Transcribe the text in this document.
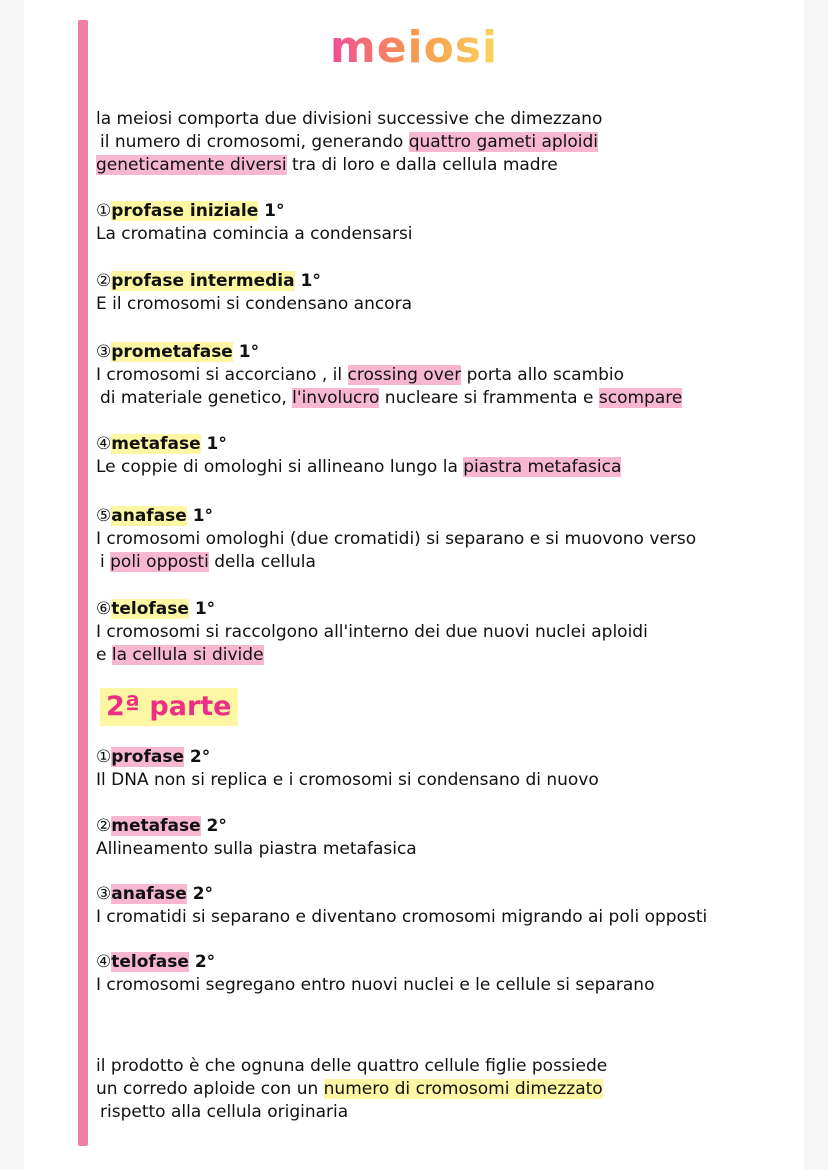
meiosi
la meiosi comporta due divisioni successive che dimezzano
il numero di cromosomi, generando quattro gameti aploidi
geneticamente diversi tra di loro e dalla cellula madre
①profase iniziale 1°
La cromatina comincia a condensarsi
②profase intermedia 1°
E il cromosomi si condensano ancora
③prometafase 1°
I cromosomi si accorciano , il crossing over porta allo scambio
di materiale genetico, l'involucro nucleare si frammenta e scompare
④metafase 1°
Le coppie di omologhi si allineano lungo la piastra metafasica
⑤anafase 1°
I cromosomi omologhi (due cromatidi) si separano e si muovono verso
i poli opposti della cellula
⑥telofase 1°
I cromosomi si raccolgono all'interno dei due nuovi nuclei aploidi
e la cellula si divide
2ª parte
①profase 2°
Il DNA non si replica e i cromosomi si condensano di nuovo
②metafase 2°
Allineamento sulla piastra metafasica
③anafase 2°
I cromatidi si separano e diventano cromosomi migrando ai poli opposti
④telofase 2°
I cromosomi segregano entro nuovi nuclei e le cellule si separano
il prodotto è che ognuna delle quattro cellule figlie possiede
un corredo aploide con un numero di cromosomi dimezzato
rispetto alla cellula originaria
